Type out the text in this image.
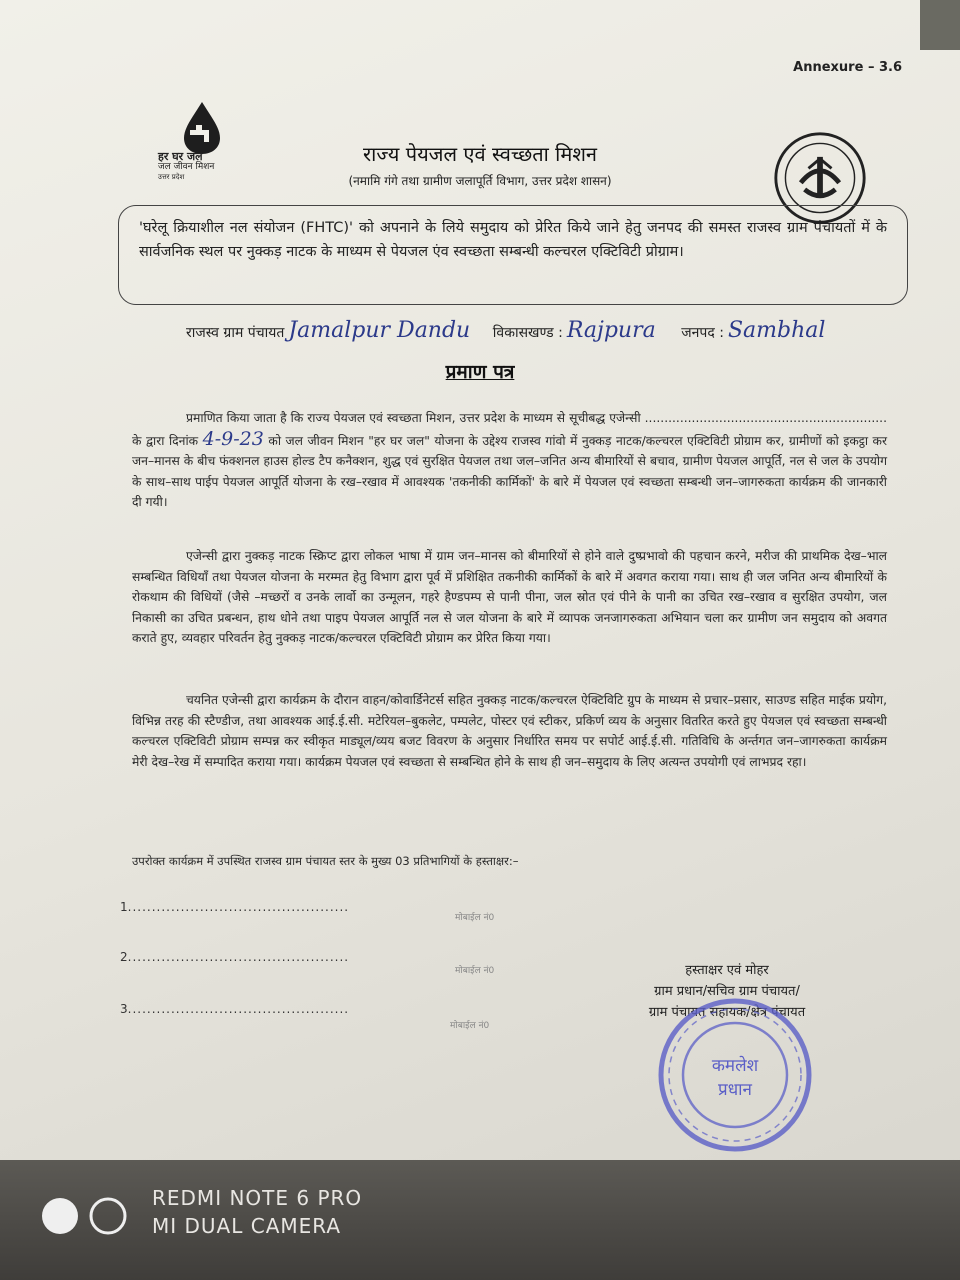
Annexure – 3.6
हर घर जल
जल जीवन मिशन
उत्तर प्रदेश
राज्य पेयजल एवं स्वच्छता मिशन
(नमामि गंगे तथा ग्रामीण जलापूर्ति विभाग, उत्तर प्रदेश शासन)
'घरेलू क्रियाशील नल संयोजन (FHTC)' को अपनाने के लिये समुदाय को प्रेरित किये जाने हेतु जनपद की समस्त राजस्व ग्राम पंचायतों में के सार्वजनिक स्थल पर नुक्कड़ नाटक के माध्यम से पेयजल एंव स्वच्छता सम्बन्धी कल्चरल एक्टिविटी प्रोग्राम।
राजस्व ग्राम पंचायत Jamalpur Dandu विकासखण्ड : Rajpura जनपद : Sambhal
प्रमाण पत्र
प्रमाणित किया जाता है कि राज्य पेयजल एवं स्वच्छता मिशन, उत्तर प्रदेश के माध्यम से सूचीबद्ध एजेन्सी .............................................................. के द्वारा दिनांक 4-9-23 को जल जीवन मिशन "हर घर जल" योजना के उद्देश्य राजस्व गांवो में नुक्कड़ नाटक/कल्चरल एक्टिविटी प्रोग्राम कर, ग्रामीणों को इकट्ठा कर जन–मानस के बीच फंक्शनल हाउस होल्ड टैप कनैक्शन, शुद्ध एवं सुरक्षित पेयजल तथा जल–जनित अन्य बीमारियों से बचाव, ग्रामीण पेयजल आपूर्ति, नल से जल के उपयोग के साथ–साथ पाईप पेयजल आपूर्ति योजना के रख–रखाव में आवश्यक 'तकनीकी कार्मिकों' के बारे में पेयजल एवं स्वच्छता सम्बन्धी जन–जागरुकता कार्यक्रम की जानकारी दी गयी।
एजेन्सी द्वारा नुक्कड़ नाटक स्क्रिप्ट द्वारा लोकल भाषा में ग्राम जन–मानस को बीमारियों से होने वाले दुष्प्रभावो की पहचान करने, मरीज की प्राथमिक देख–भाल सम्बन्धित विधियाँ तथा पेयजल योजना के मरम्मत हेतु विभाग द्वारा पूर्व में प्रशिक्षित तकनीकी कार्मिकों के बारे में अवगत कराया गया। साथ ही जल जनित अन्य बीमारियों के रोकथाम की विधियों (जैसे –मच्छरों व उनके लार्वो का उन्मूलन, गहरे हैण्डपम्प से पानी पीना, जल स्रोत एवं पीने के पानी का उचित रख–रखाव व सुरक्षित उपयोग, जल निकासी का उचित प्रबन्धन, हाथ धोने तथा पाइप पेयजल आपूर्ति नल से जल योजना के बारे में व्यापक जनजागरुकता अभियान चला कर ग्रामीण जन समुदाय को अवगत कराते हुए, व्यवहार परिवर्तन हेतु नुक्कड़ नाटक/कल्चरल एक्टिविटी प्रोग्राम कर प्रेरित किया गया।
चयनित एजेन्सी द्वारा कार्यक्रम के दौरान वाहन/कोवार्डिनेटर्स सहित नुक्कड़ नाटक/कल्चरल ऐक्टिविटि ग्रुप के माध्यम से प्रचार–प्रसार, साउण्ड सहित माईक प्रयोग, विभिन्न तरह की स्टैण्डीज, तथा आवश्यक आई.ई.सी. मटेरियल–बुकलेट, पम्पलेट, पोस्टर एवं स्टीकर, प्रकिर्ण व्यय के अनुसार वितरित करते हुए पेयजल एवं स्वच्छता सम्बन्धी कल्चरल एक्टिविटी प्रोग्राम सम्पन्न कर स्वीकृत माड्यूल/व्यय बजट विवरण के अनुसार निर्धारित समय पर सपोर्ट आई.ई.सी. गतिविधि के अर्न्तगत जन–जागरुकता कार्यक्रम मेरी देख–रेख में सम्पादित कराया गया। कार्यक्रम पेयजल एवं स्वच्छता से सम्बन्धित होने के साथ ही जन–समुदाय के लिए अत्यन्त उपयोगी एवं लाभप्रद रहा।
उपरोक्त कार्यक्रम में उपस्थित राजस्व ग्राम पंचायत स्तर के मुख्य 03 प्रतिभागियों के हस्ताक्षर:–
1..............................................
मोबाईल नं0
2..............................................
मोबाईल नं0
3..............................................
मोबाईल नं0
हस्ताक्षर एवं मोहर
ग्राम प्रधान/सचिव ग्राम पंचायत/
ग्राम पंचायत सहायक/क्षेत्र पंचायत
कमलेश
प्रधान
REDMI NOTE 6 PRO
MI DUAL CAMERA
